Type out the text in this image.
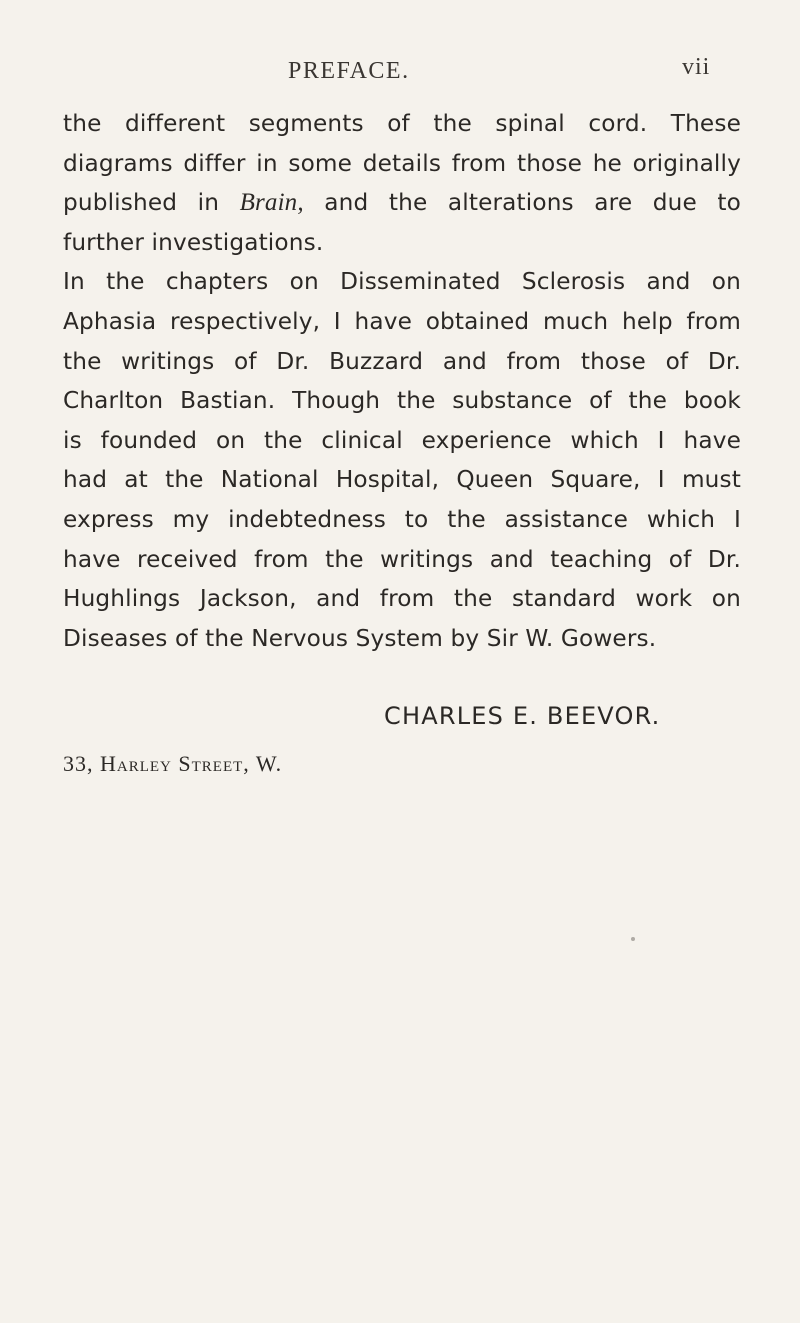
PREFACE.	vii
the different segments of the spinal cord. These
diagrams differ in some details from those he originally
published in Brain, and the alterations are due to
further investigations.
In the chapters on Disseminated Sclerosis and on
Aphasia respectively, I have obtained much help from
the writings of Dr. Buzzard and from those of Dr.
Charlton Bastian. Though the substance of the book
is founded on the clinical experience which I have
had at the National Hospital, Queen Square, I must
express my indebtedness to the assistance which I
have received from the writings and teaching of Dr.
Hughlings Jackson, and from the standard work on
Diseases of the Nervous System by Sir W. Gowers.
CHARLES E. BEEVOR.
33, Harley Street, W.
